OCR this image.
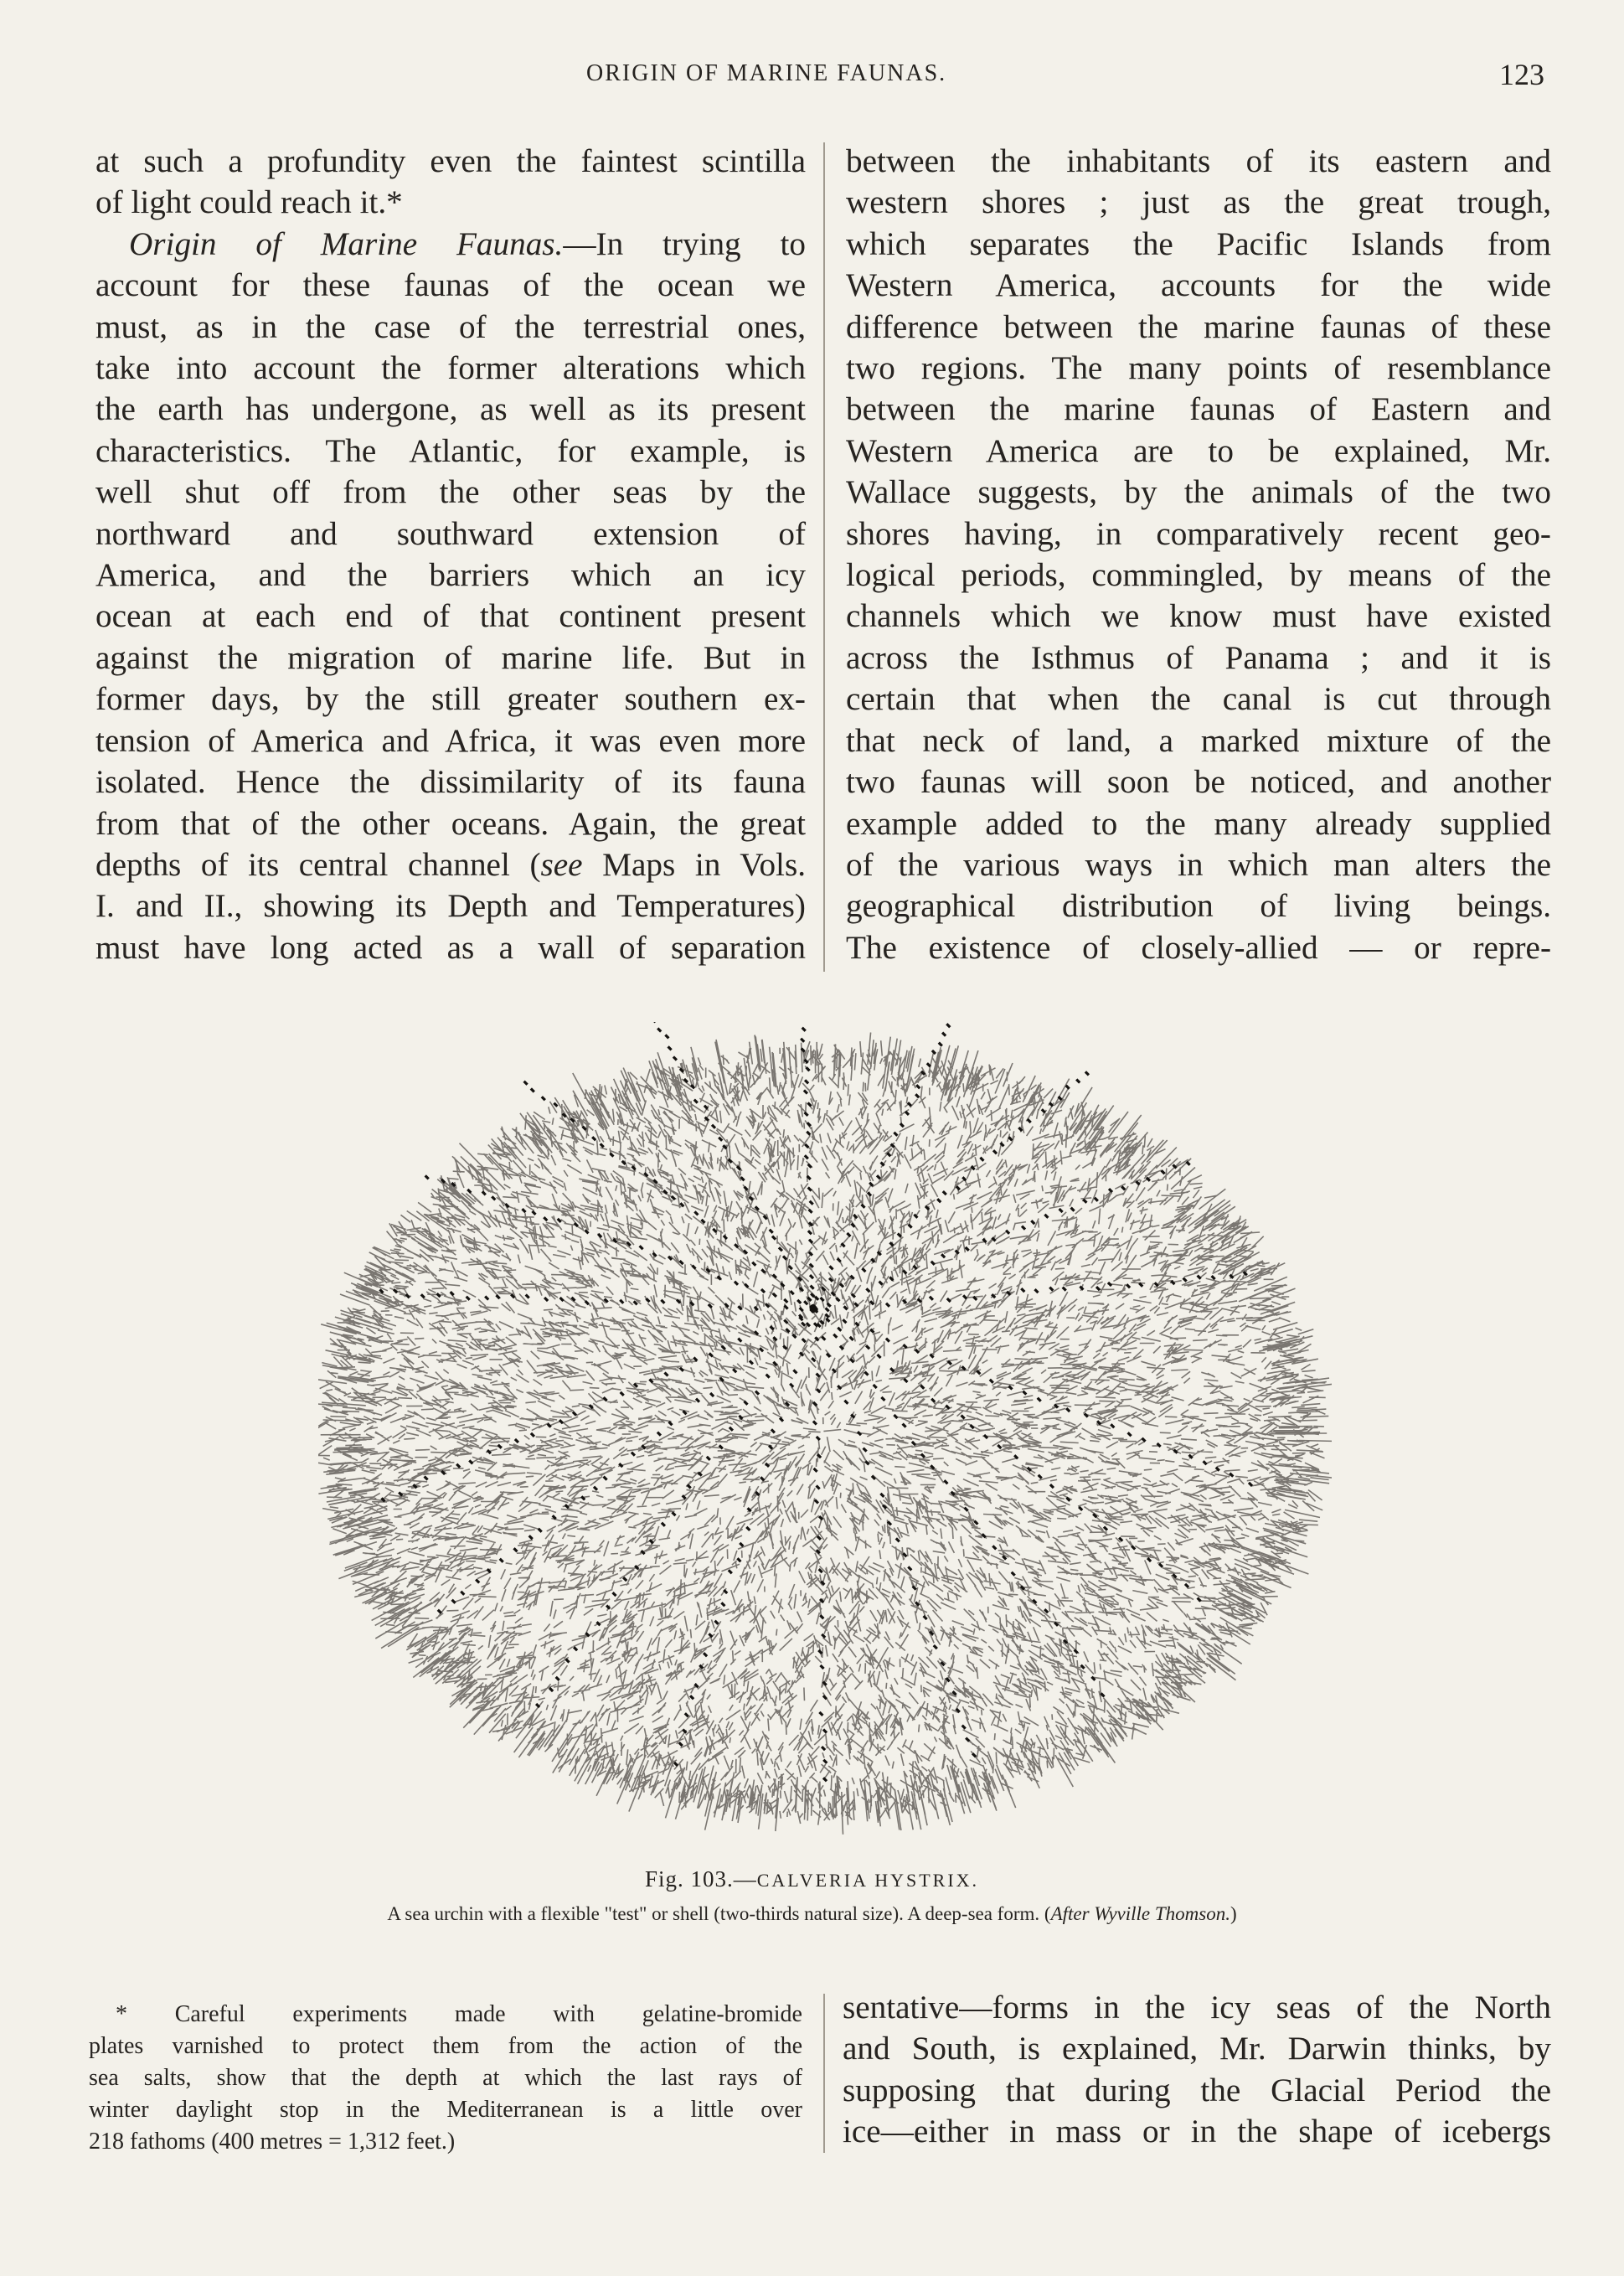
ORIGIN OF MARINE FAUNAS.	123
at such a profundity even the faintest scintilla
of light could reach it.*
Origin of Marine Faunas.—In trying to
account for these faunas of the ocean we
must, as in the case of the terrestrial ones,
take into account the former alterations which
the earth has undergone, as well as its present
characteristics. The Atlantic, for example, is
well shut off from the other seas by the
northward and southward extension of
America, and the barriers which an icy
ocean at each end of that continent present
against the migration of marine life. But in
former days, by the still greater southern ex-
tension of America and Africa, it was even more
isolated. Hence the dissimilarity of its fauna
from that of the other oceans. Again, the great
depths of its central channel (see Maps in Vols.
I. and II., showing its Depth and Temperatures)
must have long acted as a wall of separation
between the inhabitants of its eastern and
western shores ; just as the great trough,
which separates the Pacific Islands from
Western America, accounts for the wide
difference between the marine faunas of these
two regions. The many points of resemblance
between the marine faunas of Eastern and
Western America are to be explained, Mr.
Wallace suggests, by the animals of the two
shores having, in comparatively recent geo-
logical periods, commingled, by means of the
channels which we know must have existed
across the Isthmus of Panama ; and it is
certain that when the canal is cut through
that neck of land, a marked mixture of the
two faunas will soon be noticed, and another
example added to the many already supplied
of the various ways in which man alters the
geographical distribution of living beings.
The existence of closely-allied — or repre-
Fig. 103.—CALVERIA HYSTRIX.
A sea urchin with a flexible "test" or shell (two-thirds natural size). A deep-sea form. (After Wyville Thomson.)
* Careful experiments made with gelatine-bromide
plates varnished to protect them from the action of the
sea salts, show that the depth at which the last rays of
winter daylight stop in the Mediterranean is a little over
218 fathoms (400 metres = 1,312 feet.)
sentative—forms in the icy seas of the North
and South, is explained, Mr. Darwin thinks, by
supposing that during the Glacial Period the
ice—either in mass or in the shape of icebergs
